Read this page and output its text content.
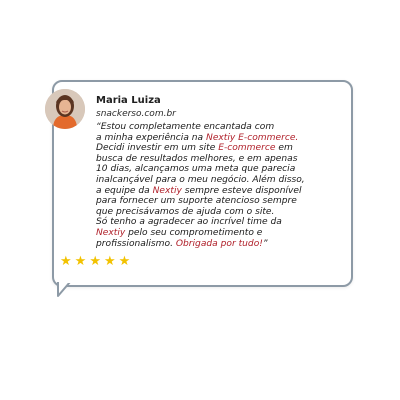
Maria Luiza
snackerso.com.br
“Estou completamente encantada com
a minha experiência na Nextiy E-commerce.
Decidi investir em um site E-commerce em
busca de resultados melhores, e em apenas
10 dias, alcançamos uma meta que parecia
inalcançável para o meu negócio. Além disso,
a equipe da Nextiy sempre esteve disponível
para fornecer um suporte atencioso sempre
que precisávamos de ajuda com o site.
Só tenho a agradecer ao incrível time da
Nextiy pelo seu comprometimento e
profissionalismo. Obrigada por tudo!”
★ ★ ★ ★ ★
